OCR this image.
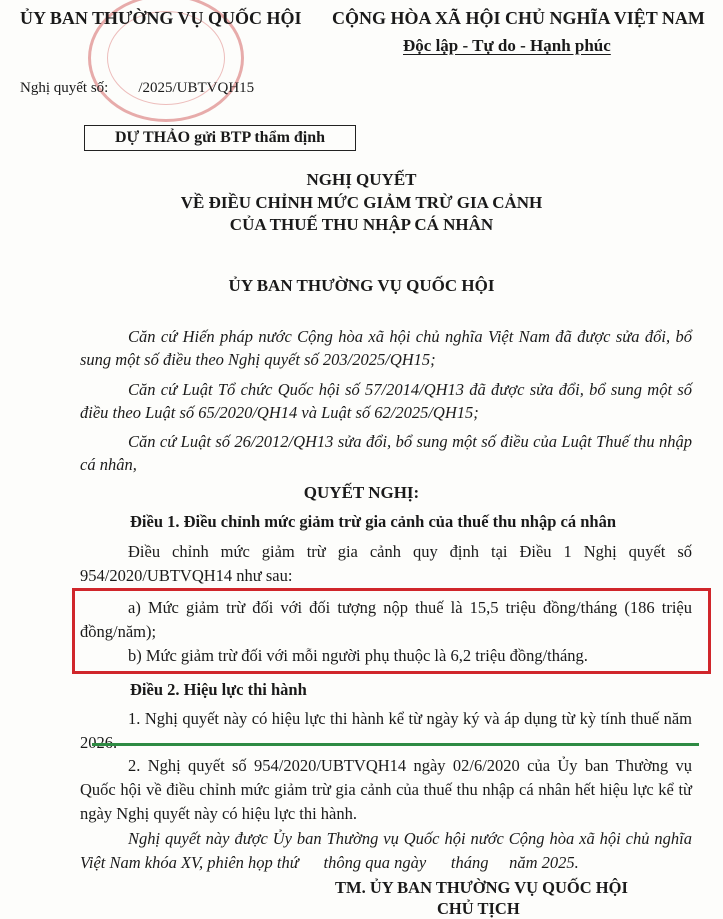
ỦY BAN THƯỜNG VỤ QUỐC HỘI CỘNG HÒA XÃ HỘI CHỦ NGHĨA VIỆT NAM
Độc lập - Tự do - Hạnh phúc
Nghị quyết số:        /2025/UBTVQH15
DỰ THẢO gửi BTP thẩm định
NGHỊ QUYẾT
VỀ ĐIỀU CHỈNH MỨC GIẢM TRỪ GIA CẢNH
CỦA THUẾ THU NHẬP CÁ NHÂN
ỦY BAN THƯỜNG VỤ QUỐC HỘI
Căn cứ Hiến pháp nước Cộng hòa xã hội chủ nghĩa Việt Nam đã được sửa đổi, bổ sung một số điều theo Nghị quyết số 203/2025/QH15;
Căn cứ Luật Tổ chức Quốc hội số 57/2014/QH13 đã được sửa đổi, bổ sung một số điều theo Luật số 65/2020/QH14 và Luật số 62/2025/QH15;
Căn cứ Luật số 26/2012/QH13 sửa đổi, bổ sung một số điều của Luật Thuế thu nhập cá nhân,
QUYẾT NGHỊ:
Điều 1. Điều chỉnh mức giảm trừ gia cảnh của thuế thu nhập cá nhân
Điều chỉnh mức giảm trừ gia cảnh quy định tại Điều 1 Nghị quyết số 954/2020/UBTVQH14 như sau:
a) Mức giảm trừ đối với đối tượng nộp thuế là 15,5 triệu đồng/tháng (186 triệu đồng/năm);
b) Mức giảm trừ đối với mỗi người phụ thuộc là 6,2 triệu đồng/tháng.
Điều 2. Hiệu lực thi hành
1. Nghị quyết này có hiệu lực thi hành kể từ ngày ký và áp dụng từ kỳ tính thuế năm 2026.
2. Nghị quyết số 954/2020/UBTVQH14 ngày 02/6/2020 của Ủy ban Thường vụ Quốc hội về điều chỉnh mức giảm trừ gia cảnh của thuế thu nhập cá nhân hết hiệu lực kể từ ngày Nghị quyết này có hiệu lực thi hành.
Nghị quyết này được Ủy ban Thường vụ Quốc hội nước Cộng hòa xã hội chủ nghĩa Việt Nam khóa XV, phiên họp thứ      thông qua ngày      tháng     năm 2025.
TM. ỦY BAN THƯỜNG VỤ QUỐC HỘI
CHỦ TỊCH
